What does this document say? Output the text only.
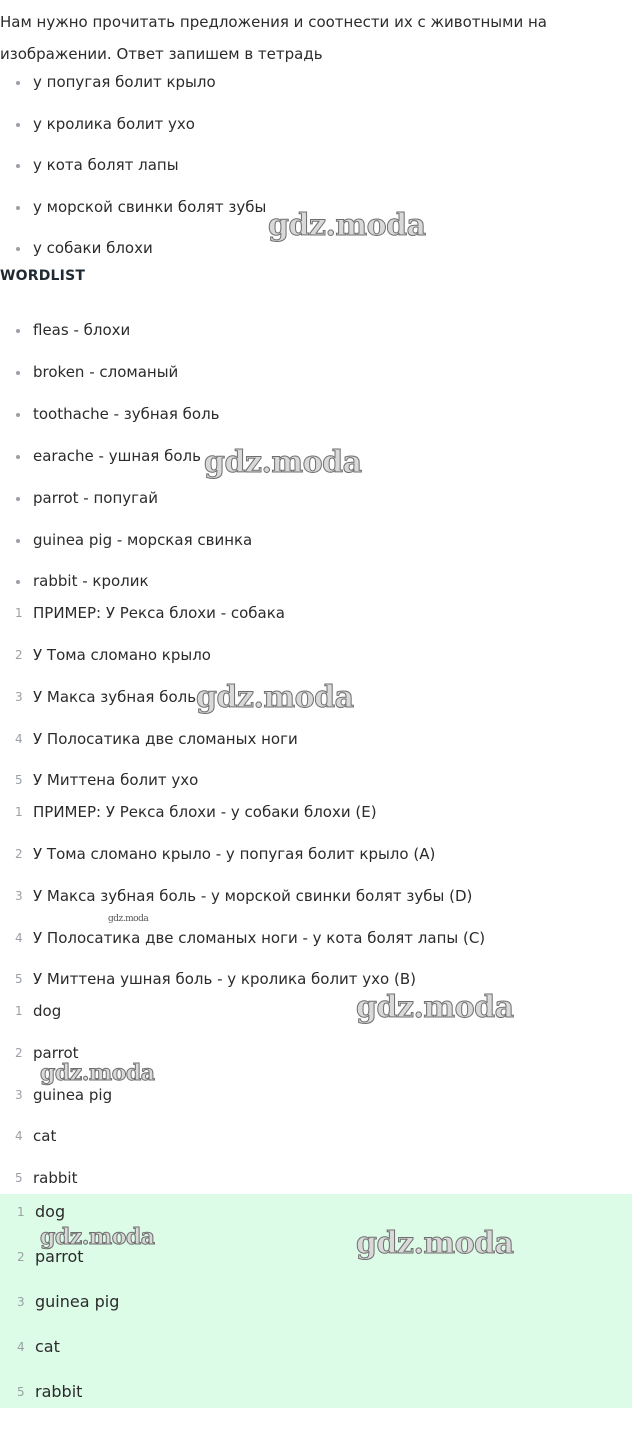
Нам нужно прочитать предложения и соотнести их с животными на

изображении. Ответ запишем в тетрадь

у попугая болит крыло
у кролика болит ухо
у кота болят лапы
у морской свинки болят зубы
у собаки блохи
WORDLIST
fleas - блохи
broken - сломаный
toothache - зубная боль
earache - ушная боль
parrot - попугай
guinea pig - морская свинка
rabbit - кролик
1 ПРИМЕР: У Рекса блохи - собака
2 У Тома сломано крыло
3 У Макса зубная боль
4 У Полосатика две сломаных ноги
5 У Миттена болит ухо
1 ПРИМЕР: У Рекса блохи - у собаки блохи (E)
2 У Тома сломано крыло - у попугая болит крыло (A)
3 У Макса зубная боль - у морской свинки болят зубы (D)
4 У Полосатика две сломаных ноги - у кота болят лапы (C)
5 У Миттена ушная боль - у кролика болит ухо (B)
1 dog
2 parrot
3 guinea pig
4 cat
5 rabbit
1 dog
2 parrot
3 guinea pig
4 cat
5 rabbit
gdz.moda
gdz.moda
gdz.moda
gdz.moda
gdz.moda
gdz.moda
gdz.moda	gdz.moda
